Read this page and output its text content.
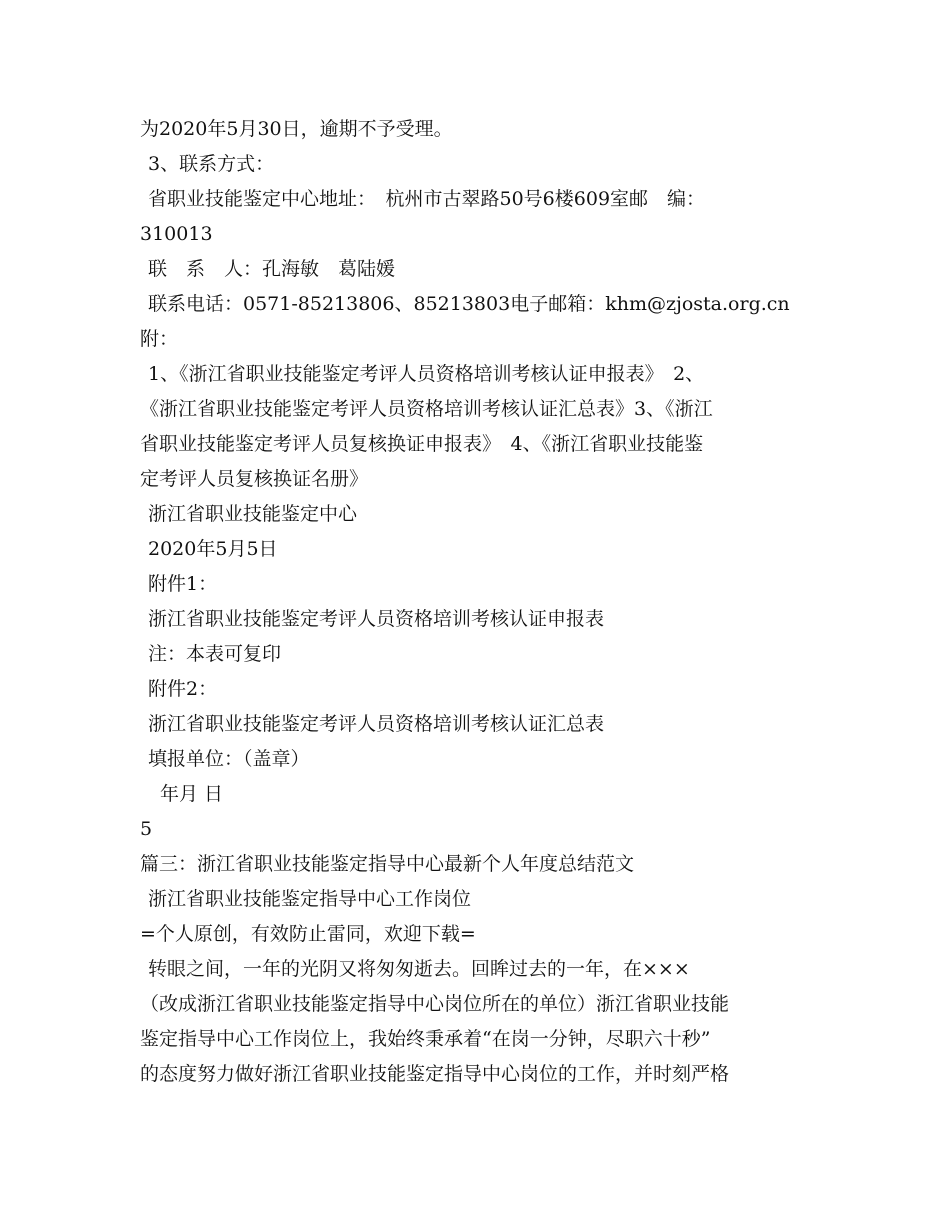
为2020年5月30日，逾期不予受理。
3、联系方式：
省职业技能鉴定中心地址：　杭州市古翠路50号6楼609室邮　编：
310013
联　系　人：孔海敏　葛陆媛
联系电话：0571-85213806、85213803电子邮箱：khm@zjosta.org.cn
附：
1、《浙江省职业技能鉴定考评人员资格培训考核认证申报表》　2、
《浙江省职业技能鉴定考评人员资格培训考核认证汇总表》3、《浙江
省职业技能鉴定考评人员复核换证申报表》　4、《浙江省职业技能鉴
定考评人员复核换证名册》
浙江省职业技能鉴定中心
2020年5月5日
附件1：
浙江省职业技能鉴定考评人员资格培训考核认证申报表
注：本表可复印
附件2：
浙江省职业技能鉴定考评人员资格培训考核认证汇总表
填报单位：（盖章）
年月 日
5
篇三：浙江省职业技能鉴定指导中心最新个人年度总结范文
浙江省职业技能鉴定指导中心工作岗位
=个人原创，有效防止雷同，欢迎下载=
转眼之间，一年的光阴又将匆匆逝去。回眸过去的一年，在×××
（改成浙江省职业技能鉴定指导中心岗位所在的单位）浙江省职业技能
鉴定指导中心工作岗位上，我始终秉承着“在岗一分钟，尽职六十秒”
的态度努力做好浙江省职业技能鉴定指导中心岗位的工作，并时刻严格
